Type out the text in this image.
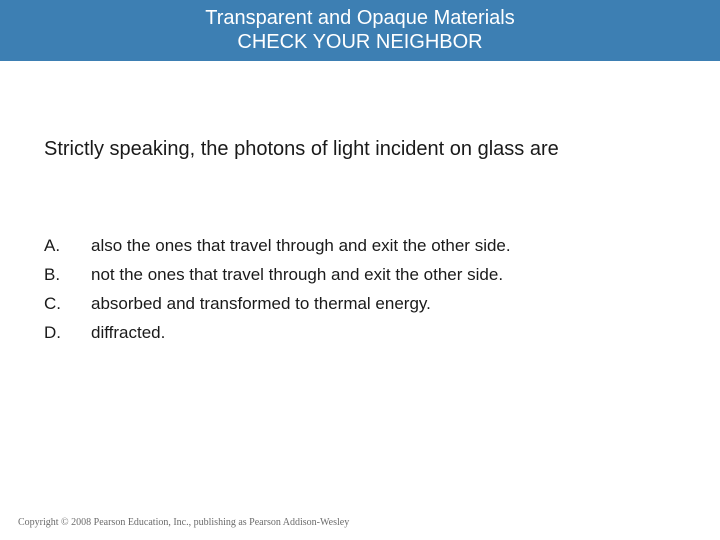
Transparent and Opaque Materials
CHECK YOUR NEIGHBOR
Strictly speaking, the photons of light incident on glass are
A.	also the ones that travel through and exit the other side.
B.	not the ones that travel through and exit the other side.
C.	absorbed and transformed to thermal energy.
D.	diffracted.
Copyright © 2008 Pearson Education, Inc., publishing as Pearson Addison-Wesley
